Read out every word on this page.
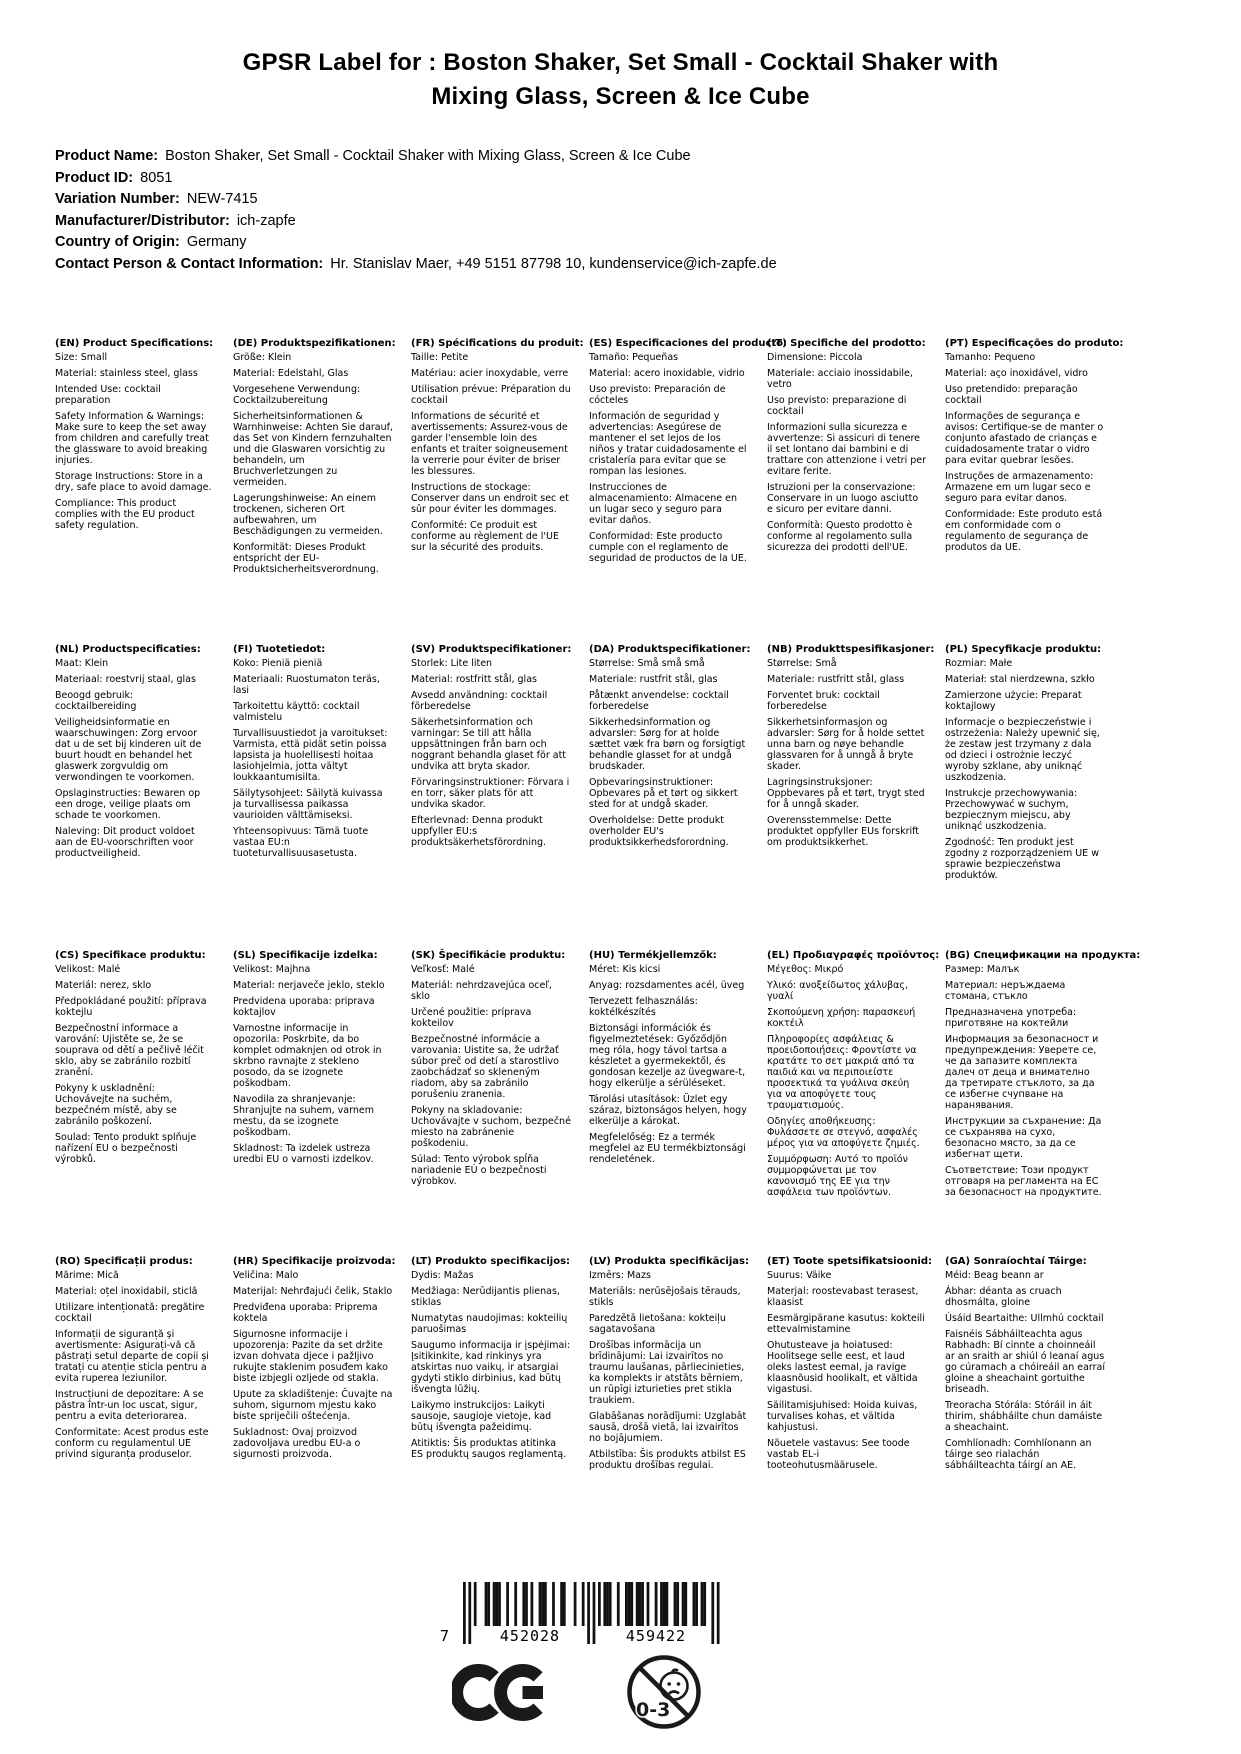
GPSR Label for : Boston Shaker, Set Small - Cocktail Shaker with
Mixing Glass, Screen & Ice Cube
Product Name: Boston Shaker, Set Small - Cocktail Shaker with Mixing Glass, Screen & Ice Cube
Product ID: 8051
Variation Number: NEW-7415
Manufacturer/Distributor: ich-zapfe
Country of Origin: Germany
Contact Person & Contact Information: Hr. Stanislav Maer, +49 5151 87798 10, kundenservice@ich-zapfe.de
(EN) Product Specifications:

Size: Small

Material: stainless steel, glass

Intended Use: cocktail preparation

Safety Information & Warnings: Make sure to keep the set away from children and carefully treat the glassware to avoid breaking injuries.

Storage Instructions: Store in a dry, safe place to avoid damage.

Compliance: This product complies with the EU product safety regulation.

(DE) Produktspezifikationen:

Größe: Klein

Material: Edelstahl, Glas

Vorgesehene Verwendung: Cocktailzubereitung

Sicherheitsinformationen & Warnhinweise: Achten Sie darauf, das Set von Kindern fernzuhalten und die Glaswaren vorsichtig zu behandeln, um Bruchverletzungen zu vermeiden.

Lagerungshinweise: An einem trockenen, sicheren Ort aufbewahren, um Beschädigungen zu vermeiden.

Konformität: Dieses Produkt entspricht der EU-Produktsicherheitsverordnung.

(FR) Spécifications du produit:

Taille: Petite

Matériau: acier inoxydable, verre

Utilisation prévue: Préparation du cocktail

Informations de sécurité et avertissements: Assurez-vous de garder l'ensemble loin des enfants et traiter soigneusement la verrerie pour éviter de briser les blessures.

Instructions de stockage: Conserver dans un endroit sec et sûr pour éviter les dommages.

Conformité: Ce produit est conforme au règlement de l'UE sur la sécurité des produits.

(ES) Especificaciones del producto:

Tamaño: Pequeñas

Material: acero inoxidable, vidrio

Uso previsto: Preparación de cócteles

Información de seguridad y advertencias: Asegúrese de mantener el set lejos de los niños y tratar cuidadosamente el cristalería para evitar que se rompan las lesiones.

Instrucciones de almacenamiento: Almacene en un lugar seco y seguro para evitar daños.

Conformidad: Este producto cumple con el reglamento de seguridad de productos de la UE.

(IT) Specifiche del prodotto:

Dimensione: Piccola

Materiale: acciaio inossidabile, vetro

Uso previsto: preparazione di cocktail

Informazioni sulla sicurezza e avvertenze: Si assicuri di tenere il set lontano dai bambini e di trattare con attenzione i vetri per evitare ferite.

Istruzioni per la conservazione: Conservare in un luogo asciutto e sicuro per evitare danni.

Conformità: Questo prodotto è conforme al regolamento sulla sicurezza dei prodotti dell'UE.

(PT) Especificações do produto:

Tamanho: Pequeno

Material: aço inoxidável, vidro

Uso pretendido: preparação cocktail

Informações de segurança e avisos: Certifique-se de manter o conjunto afastado de crianças e cuidadosamente tratar o vidro para evitar quebrar lesões.

Instruções de armazenamento: Armazene em um lugar seco e seguro para evitar danos.

Conformidade: Este produto está em conformidade com o regulamento de segurança de produtos da UE.

(NL) Productspecificaties:

Maat: Klein

Materiaal: roestvrij staal, glas

Beoogd gebruik: cocktailbereiding

Veiligheidsinformatie en waarschuwingen: Zorg ervoor dat u de set bij kinderen uit de buurt houdt en behandel het glaswerk zorgvuldig om verwondingen te voorkomen.

Opslaginstructies: Bewaren op een droge, veilige plaats om schade te voorkomen.

Naleving: Dit product voldoet aan de EU-voorschriften voor productveiligheid.

(FI) Tuotetiedot:

Koko: Pieniä pieniä

Materiaali: Ruostumaton teräs, lasi

Tarkoitettu käyttö: cocktail valmistelu

Turvallisuustiedot ja varoitukset: Varmista, että pidät setin poissa lapsista ja huolellisesti hoitaa lasiohjelmia, jotta vältyt loukkaantumisilta.

Säilytysohjeet: Säilytä kuivassa ja turvallisessa paikassa vaurioiden välttämiseksi.

Yhteensopivuus: Tämä tuote vastaa EU:n tuoteturvallisuusasetusta.

(SV) Produktspecifikationer:

Storlek: Lite liten

Material: rostfritt stål, glas

Avsedd användning: cocktail förberedelse

Säkerhetsinformation och varningar: Se till att hålla uppsättningen från barn och noggrant behandla glaset för att undvika att bryta skador.

Förvaringsinstruktioner: Förvara i en torr, säker plats för att undvika skador.

Efterlevnad: Denna produkt uppfyller EU:s produktsäkerhetsförordning.

(DA) Produktspecifikationer:

Størrelse: Små små små

Materiale: rustfrit stål, glas

Påtænkt anvendelse: cocktail forberedelse

Sikkerhedsinformation og advarsler: Sørg for at holde sættet væk fra børn og forsigtigt behandle glasset for at undgå brudskader.

Opbevaringsinstruktioner: Opbevares på et tørt og sikkert sted for at undgå skader.

Overholdelse: Dette produkt overholder EU's produktsikkerhedsforordning.

(NB) Produkttspesifikasjoner:

Størrelse: Små

Materiale: rustfritt stål, glass

Forventet bruk: cocktail forberedelse

Sikkerhetsinformasjon og advarsler: Sørg for å holde settet unna barn og nøye behandle glassvaren for å unngå å bryte skader.

Lagringsinstruksjoner: Oppbevares på et tørt, trygt sted for å unngå skader.

Overensstemmelse: Dette produktet oppfyller EUs forskrift om produktsikkerhet.

(PL) Specyfikacje produktu:

Rozmiar: Małe

Materiał: stal nierdzewna, szkło

Zamierzone użycie: Preparat koktajlowy

Informacje o bezpieczeństwie i ostrzeżenia: Należy upewnić się, że zestaw jest trzymany z dala od dzieci i ostrożnie leczyć wyroby szklane, aby uniknąć uszkodzenia.

Instrukcje przechowywania: Przechowywać w suchym, bezpiecznym miejscu, aby uniknąć uszkodzenia.

Zgodność: Ten produkt jest zgodny z rozporządzeniem UE w sprawie bezpieczeństwa produktów.

(CS) Specifikace produktu:

Velikost: Malé

Materiál: nerez, sklo

Předpokládané použití: příprava koktejlu

Bezpečnostní informace a varování: Ujistěte se, že se souprava od dětí a pečlivě léčit sklo, aby se zabránilo rozbití zranění.

Pokyny k uskladnění: Uchovávejte na suchém, bezpečném místě, aby se zabránilo poškození.

Soulad: Tento produkt splňuje nařízení EU o bezpečnosti výrobků.

(SL) Specifikacije izdelka:

Velikost: Majhna

Material: nerjaveče jeklo, steklo

Predvidena uporaba: priprava koktajlov

Varnostne informacije in opozorila: Poskrbite, da bo komplet odmaknjen od otrok in skrbno ravnajte z stekleno posodo, da se izognete poškodbam.

Navodila za shranjevanje: Shranjujte na suhem, varnem mestu, da se izognete poškodbam.

Skladnost: Ta izdelek ustreza uredbi EU o varnosti izdelkov.

(SK) Špecifikácie produktu:

Veľkosť: Malé

Materiál: nehrdzavejúca oceľ, sklo

Určené použitie: príprava kokteilov

Bezpečnostné informácie a varovania: Uistite sa, že udržať súbor preč od detí a starostlivo zaobchádzať so skleneným riadom, aby sa zabránilo porušeniu zranenia.

Pokyny na skladovanie: Uchovávajte v suchom, bezpečné miesto na zabránenie poškodeniu.

Súlad: Tento výrobok spĺňa nariadenie EÚ o bezpečnosti výrobkov.

(HU) Termékjellemzők:

Méret: Kis kicsi

Anyag: rozsdamentes acél, üveg

Tervezett felhasználás: koktélkészítés

Biztonsági információk és figyelmeztetések: Győződjön meg róla, hogy távol tartsa a készletet a gyermekektől, és gondosan kezelje az üvegware-t, hogy elkerülje a sérüléseket.

Tárolási utasítások: Üzlet egy száraz, biztonságos helyen, hogy elkerülje a károkat.

Megfelelőség: Ez a termék megfelel az EU termékbiztonsági rendeletének.

(EL) Προδιαγραφές προϊόντος:

Μέγεθος: Μικρό

Υλικό: ανοξείδωτος χάλυβας, γυαλί

Σκοπούμενη χρήση: παρασκευή κοκτέιλ

Πληροφορίες ασφάλειας & προειδοποιήσεις: Φροντίστε να κρατάτε το σετ μακριά από τα παιδιά και να περιποιείστε προσεκτικά τα γυάλινα σκεύη για να αποφύγετε τους τραυματισμούς.

Οδηγίες αποθήκευσης: Φυλάσσετε σε στεγνό, ασφαλές μέρος για να αποφύγετε ζημιές.

Συμμόρφωση: Αυτό το προϊόν συμμορφώνεται με τον κανονισμό της ΕΕ για την ασφάλεια των προϊόντων.

(BG) Спецификации на продукта:

Размер: Малък

Материал: неръждаема стомана, стъкло

Предназначена употреба: приготвяне на коктейли

Информация за безопасност и предупреждения: Уверете се, че да запазите комплекта далеч от деца и внимателно да третирате стъклото, за да се избегне счупване на наранявания.

Инструкции за съхранение: Да се съхранява на сухо, безопасно място, за да се избегнат щети.

Съответствие: Този продукт отговаря на регламента на ЕС за безопасност на продуктите.

(RO) Specificații produs:

Mărime: Mică

Material: oțel inoxidabil, sticlă

Utilizare intenționată: pregătire cocktail

Informații de siguranță și avertismente: Asigurați-vă că păstrați setul departe de copii și tratați cu atenție sticla pentru a evita ruperea leziunilor.

Instrucțiuni de depozitare: A se păstra într-un loc uscat, sigur, pentru a evita deteriorarea.

Conformitate: Acest produs este conform cu regulamentul UE privind siguranța produselor.

(HR) Specifikacije proizvoda:

Veličina: Malo

Materijal: Nehrđajući čelik, Staklo

Predviđena uporaba: Priprema koktela

Sigurnosne informacije i upozorenja: Pazite da set držite izvan dohvata djece i pažljivo rukujte staklenim posuđem kako biste izbjegli ozljede od stakla.

Upute za skladištenje: Čuvajte na suhom, sigurnom mjestu kako biste spriječili oštećenja.

Sukladnost: Ovaj proizvod zadovoljava uredbu EU-a o sigurnosti proizvoda.

(LT) Produkto specifikacijos:

Dydis: Mažas

Medžiaga: Nerūdijantis plienas, stiklas

Numatytas naudojimas: kokteilių paruošimas

Saugumo informacija ir įspėjimai: Įsitikinkite, kad rinkinys yra atskirtas nuo vaikų, ir atsargiai gydyti stiklo dirbinius, kad būtų išvengta lūžių.

Laikymo instrukcijos: Laikyti sausoje, saugioje vietoje, kad būtų išvengta pažeidimų.

Atitiktis: Šis produktas atitinka ES produktų saugos reglamentą.

(LV) Produkta specifikācijas:

Izmērs: Mazs

Materiāls: nerūsējošais tērauds, stikls

Paredzētā lietošana: kokteiļu sagatavošana

Drošības informācija un brīdinājumi: Lai izvairītos no traumu laušanas, pārliecinieties, ka komplekts ir atstāts bērniem, un rūpīgi izturieties pret stikla traukiem.

Glabāšanas norādījumi: Uzglabāt sausā, drošā vietā, lai izvairītos no bojājumiem.

Atbilstība: Šis produkts atbilst ES produktu drošības regulai.

(ET) Toote spetsifikatsioonid:

Suurus: Väike

Materjal: roostevabast terasest, klaasist

Eesmärgipärane kasutus: kokteili ettevalmistamine

Ohutusteave ja hoiatused: Hoolitsege selle eest, et laud oleks lastest eemal, ja ravige klaasnõusid hoolikalt, et vältida vigastusi.

Säilitamisjuhised: Hoida kuivas, turvalises kohas, et vältida kahjustusi.

Nõuetele vastavus: See toode vastab EL-i tooteohutusmäärusele.

(GA) Sonraíochtaí Táirge:

Méid: Beag beann ar

Ábhar: déanta as cruach dhosmálta, gloine

Úsáid Beartaithe: Ullmhú cocktail

Faisnéis Sábháilteachta agus Rabhadh: Bí cinnte a choinneáil ar an sraith ar shiúl ó leanaí agus go cúramach a chóireáil an earraí gloine a sheachaint gortuithe briseadh.

Treoracha Stórála: Stóráil in áit thirim, shábháilte chun damáiste a sheachaint.

Comhlíonadh: Comhlíonann an táirge seo rialachán sábháilteachta táirgí an AE.

7	452028	459422
0-3
